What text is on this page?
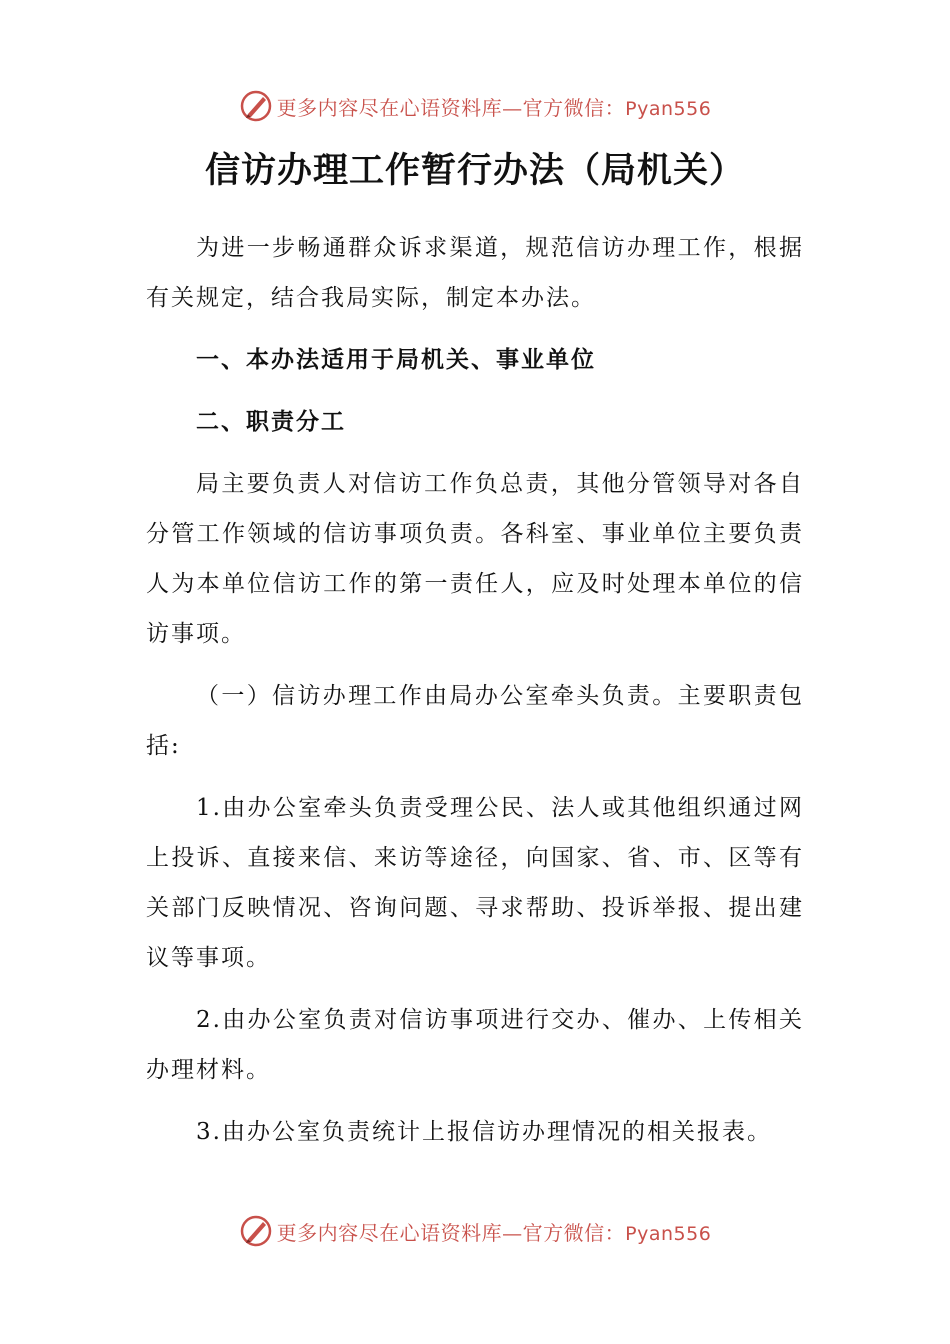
更多内容尽在心语资料库—官方微信：Pyan556
信访办理工作暂行办法（局机关）

为进一步畅通群众诉求渠道，规范信访办理工作，根据有关规定，结合我局实际，制定本办法。

一、本办法适用于局机关、事业单位

二、职责分工

局主要负责人对信访工作负总责，其他分管领导对各自分管工作领域的信访事项负责。各科室、事业单位主要负责人为本单位信访工作的第一责任人，应及时处理本单位的信访事项。

（一）信访办理工作由局办公室牵头负责。主要职责包括:

1.由办公室牵头负责受理公民、法人或其他组织通过网上投诉、直接来信、来访等途径，向国家、省、市、区等有关部门反映情况、咨询问题、寻求帮助、投诉举报、提出建议等事项。

2.由办公室负责对信访事项进行交办、催办、上传相关办理材料。

3.由办公室负责统计上报信访办理情况的相关报表。

更多内容尽在心语资料库—官方微信：Pyan556
